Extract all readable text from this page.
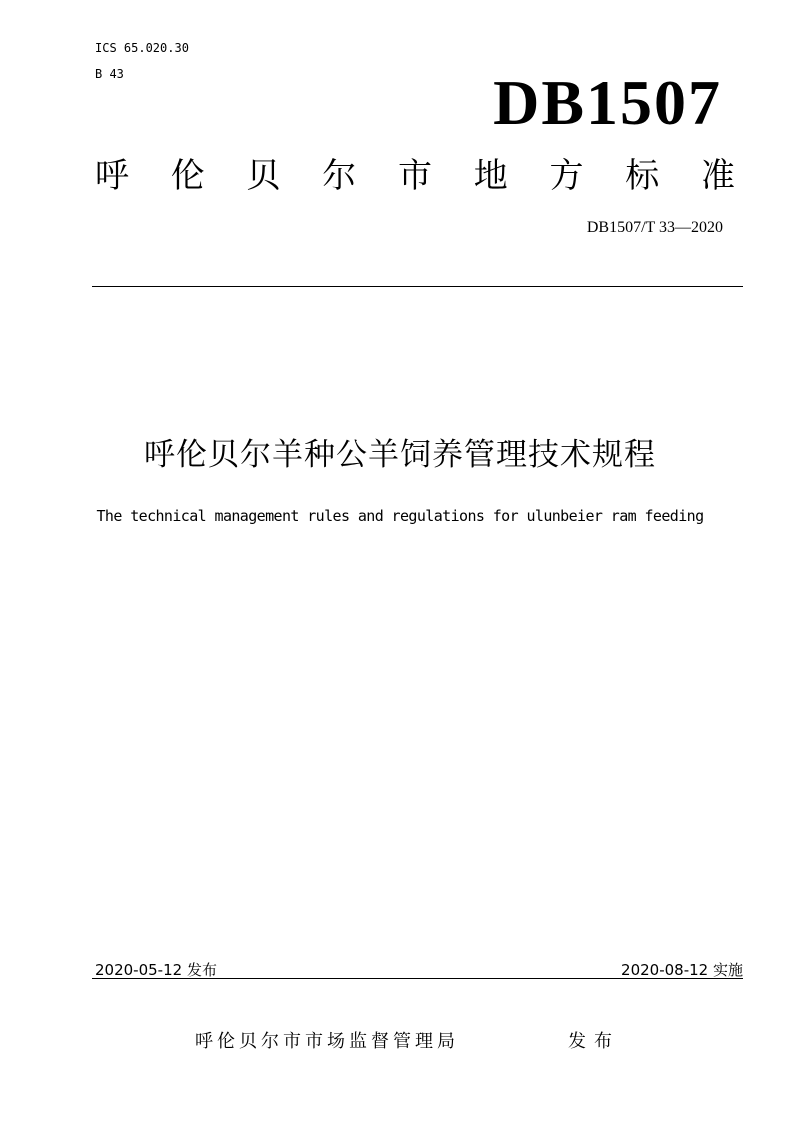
ICS 65.020.30
B 43	DB1507
呼 伦 贝 尔 市 地 方 标 准
DB1507/T 33—2020
呼伦贝尔羊种公羊饲养管理技术规程
The technical management rules and regulations for ulunbeier ram feeding
2020-05-12 发布	2020-08-12 实施
呼伦贝尔市市场监督管理局	发布
